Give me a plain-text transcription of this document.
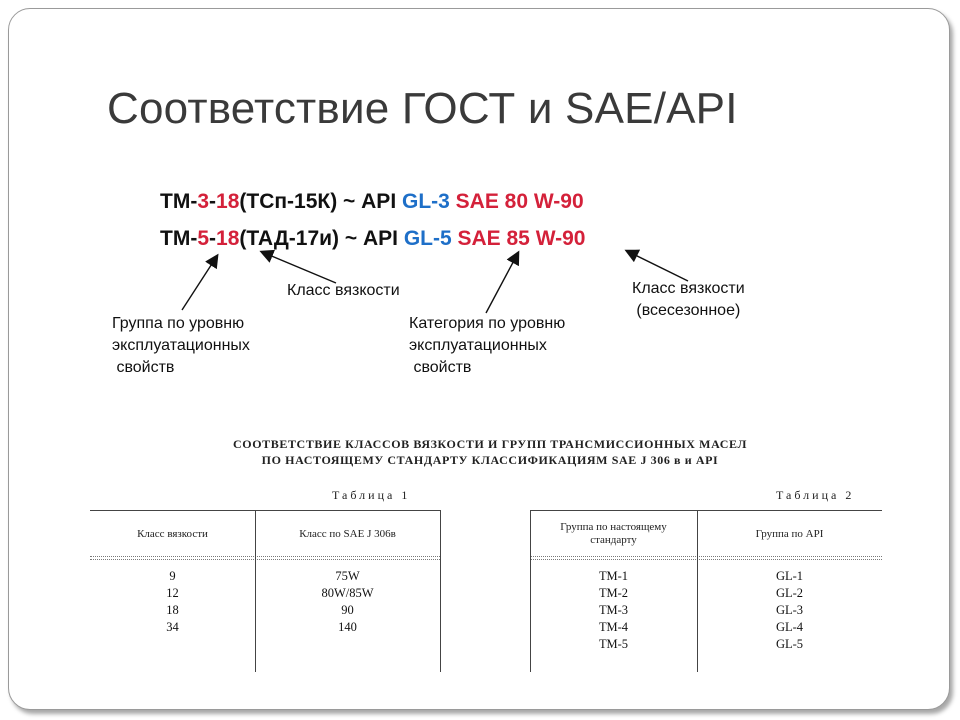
Соответствие ГОСТ и SAE/API
ТМ-3-18(ТСп-15К) ~ API GL-3 SAE 80 W-90
ТМ-5-18(ТАД-17и) ~ API GL-5 SAE 85 W-90
Класс вязкости
Группа по уровню
эксплуатационных
свойств
Категория по уровню
эксплуатационных
свойств
Класс вязкости
(всесезонное)
СООТВЕТСТВИЕ КЛАССОВ ВЯЗКОСТИ И ГРУПП ТРАНСМИССИОННЫХ МАСЕЛ
ПО НАСТОЯЩЕМУ СТАНДАРТУ КЛАССИФИКАЦИЯМ SAE J 306 в и API
Таблица 1	Таблица 2
Класс вязкости	Класс по SAE J 306в
9	75W
12	80W/85W
18	90
34	140
Группа по настоящему
стандарту	Группа по API
ТМ-1	GL-1
ТМ-2	GL-2
ТМ-3	GL-3
ТМ-4	GL-4
ТМ-5	GL-5
